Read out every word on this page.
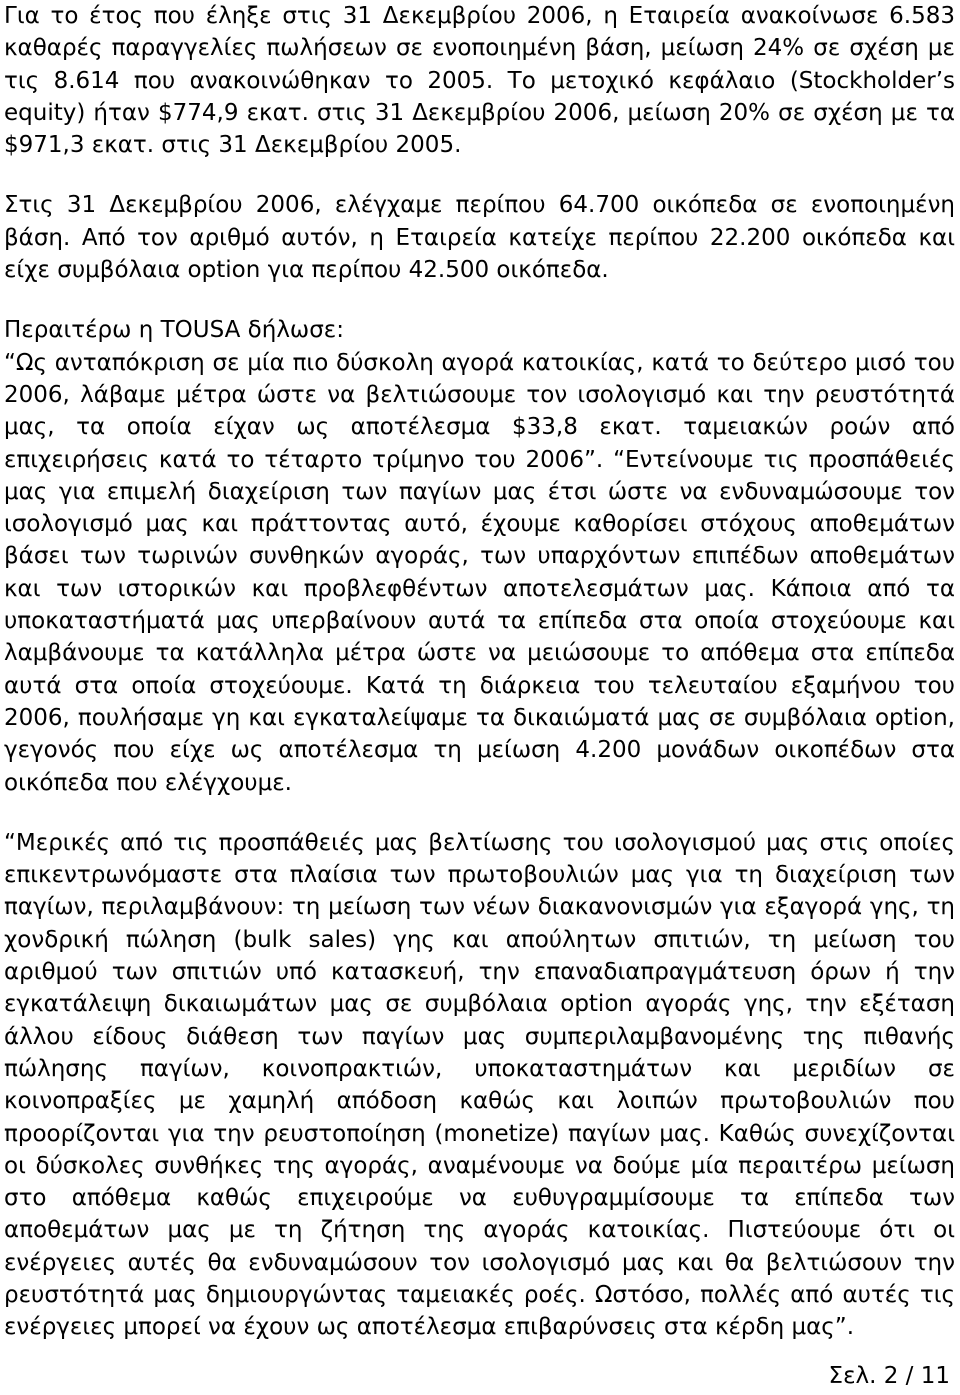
Για το έτος που έληξε στις 31 Δεκεμβρίου 2006, η Εταιρεία ανακοίνωσε 6.583 καθαρές παραγγελίες πωλήσεων σε ενοποιημένη βάση, μείωση 24% σε σχέση με τις 8.614 που ανακοινώθηκαν το 2005. Το μετοχικό κεφάλαιο (Stockholder’s equity) ήταν $774,9 εκατ. στις 31 Δεκεμβρίου 2006, μείωση 20% σε σχέση με τα $971,3 εκατ. στις 31 Δεκεμβρίου 2005.

Στις 31 Δεκεμβρίου 2006, ελέγχαμε περίπου 64.700 οικόπεδα σε ενοποιημένη βάση. Από τον αριθμό αυτόν, η Εταιρεία κατείχε περίπου 22.200 οικόπεδα και είχε συμβόλαια option για περίπου 42.500 οικόπεδα.

Περαιτέρω η TOUSA δήλωσε:

“Ως ανταπόκριση σε μία πιο δύσκολη αγορά κατοικίας, κατά το δεύτερο μισό του 2006, λάβαμε μέτρα ώστε να βελτιώσουμε τον ισολογισμό και την ρευστότητά μας, τα οποία είχαν ως αποτέλεσμα $33,8 εκατ. ταμειακών ροών από επιχειρήσεις κατά το τέταρτο τρίμηνο του 2006”. “Εντείνουμε τις προσπάθειές μας για επιμελή διαχείριση των παγίων μας έτσι ώστε να ενδυναμώσουμε τον ισολογισμό μας και πράττοντας αυτό, έχουμε καθορίσει στόχους αποθεμάτων βάσει των τωρινών συνθηκών αγοράς, των υπαρχόντων επιπέδων αποθεμάτων και των ιστορικών και προβλεφθέντων αποτελεσμάτων μας. Κάποια από τα υποκαταστήματά μας υπερβαίνουν αυτά τα επίπεδα στα οποία στοχεύουμε και λαμβάνουμε τα κατάλληλα μέτρα ώστε να μειώσουμε το απόθεμα στα επίπεδα αυτά στα οποία στοχεύουμε. Κατά τη διάρκεια του τελευταίου εξαμήνου του 2006, πουλήσαμε γη και εγκαταλείψαμε τα δικαιώματά μας σε συμβόλαια option, γεγονός που είχε ως αποτέλεσμα τη μείωση 4.200 μονάδων οικοπέδων στα οικόπεδα που ελέγχουμε.

“Μερικές από τις προσπάθειές μας βελτίωσης του ισολογισμού μας στις οποίες επικεντρωνόμαστε στα πλαίσια των πρωτοβουλιών μας για τη διαχείριση των παγίων, περιλαμβάνουν: τη μείωση των νέων διακανονισμών για εξαγορά γης, τη χονδρική πώληση (bulk sales) γης και απούλητων σπιτιών, τη μείωση του αριθμού των σπιτιών υπό κατασκευή, την επαναδιαπραγμάτευση όρων ή την εγκατάλειψη δικαιωμάτων μας σε συμβόλαια option αγοράς γης, την εξέταση άλλου είδους διάθεση των παγίων μας συμπεριλαμβανομένης της πιθανής πώλησης παγίων, κοινοπρακτιών, υποκαταστημάτων και μεριδίων σε κοινοπραξίες με χαμηλή απόδοση καθώς και λοιπών πρωτοβουλιών που προορίζονται για την ρευστοποίηση (monetize) παγίων μας. Καθώς συνεχίζονται οι δύσκολες συνθήκες της αγοράς, αναμένουμε να δούμε μία περαιτέρω μείωση στο απόθεμα καθώς επιχειρούμε να ευθυγραμμίσουμε τα επίπεδα των αποθεμάτων μας με τη ζήτηση της αγοράς κατοικίας. Πιστεύουμε ότι οι ενέργειες αυτές θα ενδυναμώσουν τον ισολογισμό μας και θα βελτιώσουν την ρευστότητά μας δημιουργώντας ταμειακές ροές. Ωστόσο, πολλές από αυτές τις ενέργειες μπορεί να έχουν ως αποτέλεσμα επιβαρύνσεις στα κέρδη μας”.

Σελ. 2 / 11
